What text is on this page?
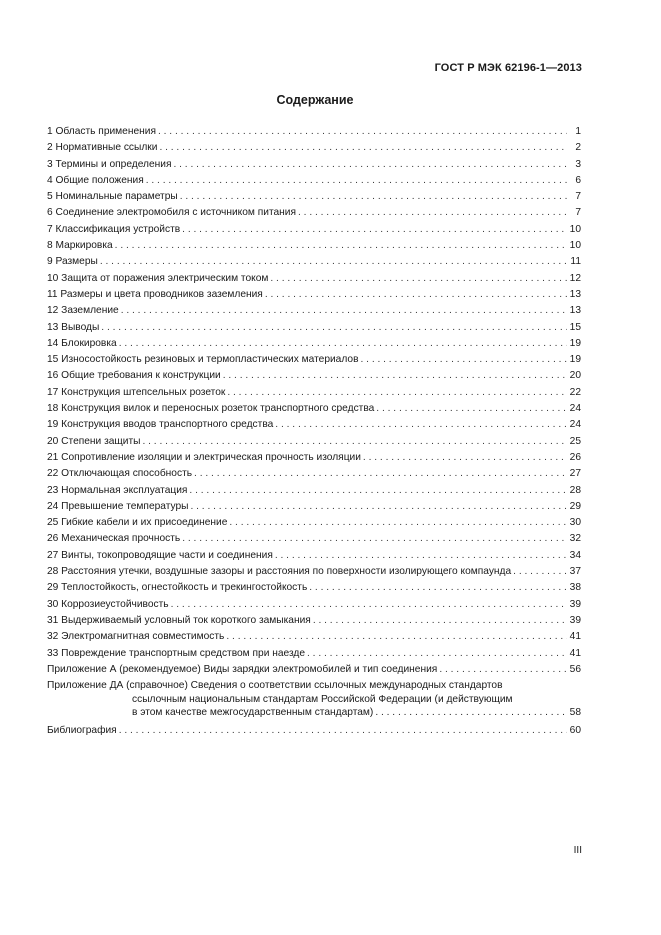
ГОСТ Р МЭК 62196-1—2013
Содержание
1 Область применения . . .	1
2 Нормативные ссылки . . .	2
3 Термины и определения . . .	3
4 Общие положения . . .	6
5 Номинальные параметры . . .	7
6 Соединение электромобиля с источником питания . . .	7
7 Классификация устройств . . .	10
8 Маркировка . . .	10
9 Размеры . . .	11
10 Защита от поражения электрическим током . . .	12
11 Размеры и цвета проводников заземления . . .	13
12 Заземление . . .	13
13 Выводы . . .	15
14 Блокировка . . .	19
15 Износостойкость резиновых и термопластических материалов . . .	19
16 Общие требования к конструкции . . .	20
17 Конструкция штепсельных розеток . . .	22
18 Конструкция вилок и переносных розеток транспортного средства . . .	24
19 Конструкция вводов транспортного средства . . .	24
20 Степени защиты . . .	25
21 Сопротивление изоляции и электрическая прочность изоляции . . .	26
22 Отключающая способность . . .	27
23 Нормальная эксплуатация . . .	28
24 Превышение температуры . . .	29
25 Гибкие кабели и их присоединение . . .	30
26 Механическая прочность . . .	32
27 Винты, токопроводящие части и соединения . . .	34
28 Расстояния утечки, воздушные зазоры и расстояния по поверхности изолирующего компаунда . . .	37
29 Теплостойкость, огнестойкость и трекингостойкость . . .	38
30 Коррозиеустойчивость . . .	39
31 Выдерживаемый условный ток короткого замыкания . . .	39
32 Электромагнитная совместимость . . .	41
33 Повреждение транспортным средством при наезде . . .	41
Приложение А (рекомендуемое) Виды зарядки электромобилей и тип соединения . . .	56
Приложение ДА (справочное) Сведения о соответствии ссылочных международных стандартов
ссылочным национальным стандартам Российской Федерации (и действующим
в этом качестве межгосударственным стандартам) . . .	58
Библиография . . .	60
III
